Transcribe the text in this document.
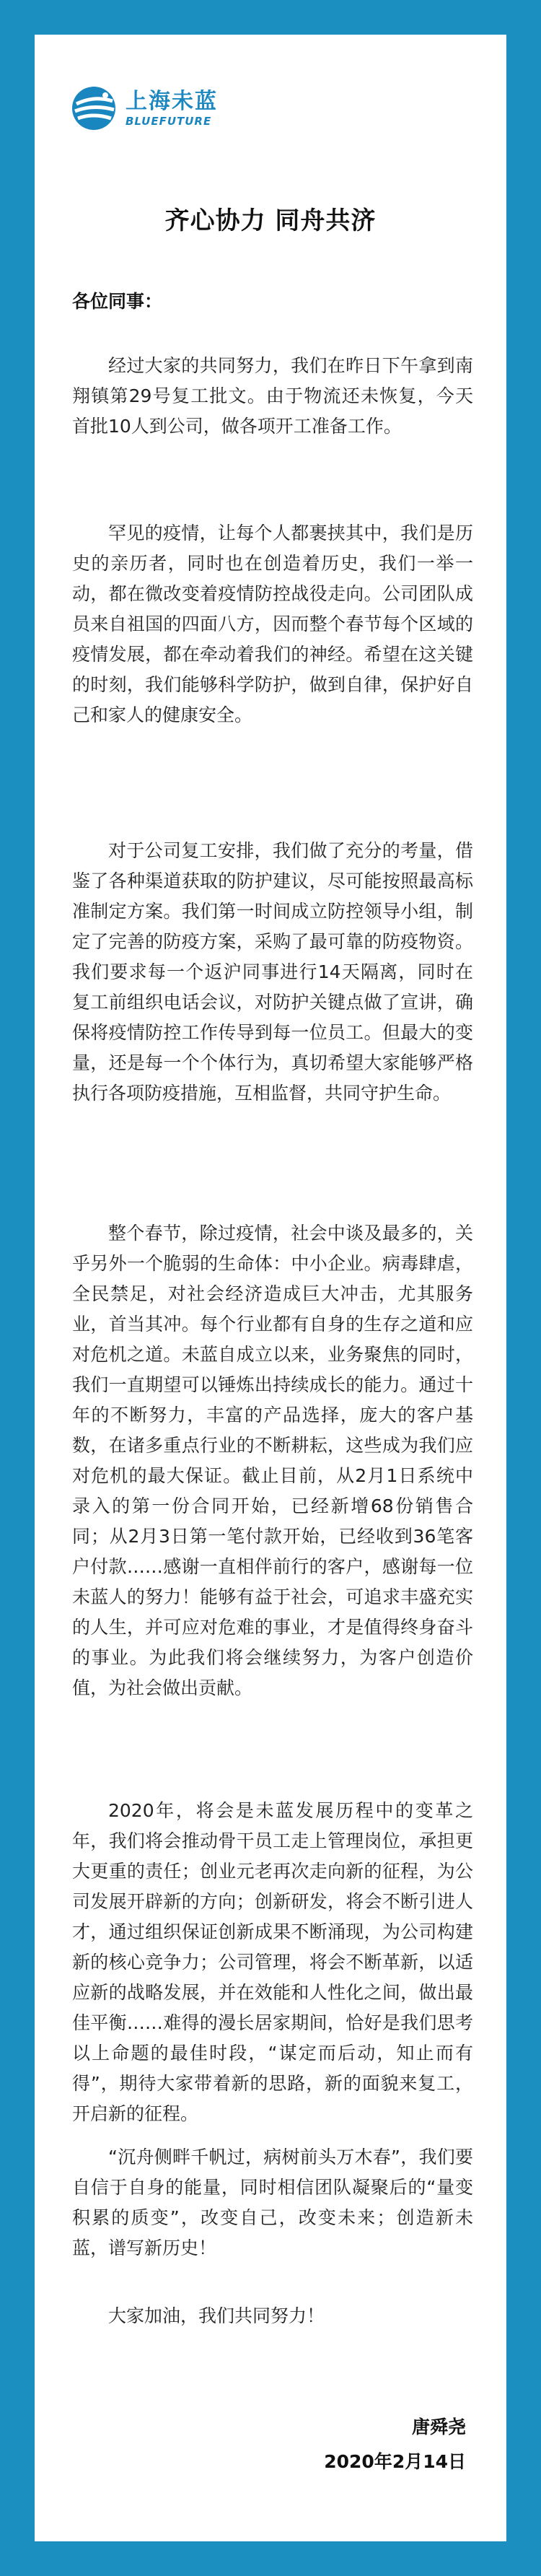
上海未蓝
BLUEFUTURE
齐心协力 同舟共济
各位同事：

经过大家的共同努力，我们在昨日下午拿到南翔镇第29号复工批文。由于物流还未恢复，今天首批10人到公司，做各项开工准备工作。

罕见的疫情，让每个人都裹挟其中，我们是历史的亲历者，同时也在创造着历史，我们一举一动，都在微改变着疫情防控战役走向。公司团队成员来自祖国的四面八方，因而整个春节每个区域的疫情发展，都在牵动着我们的神经。希望在这关键的时刻，我们能够科学防护，做到自律，保护好自己和家人的健康安全。

对于公司复工安排，我们做了充分的考量，借鉴了各种渠道获取的防护建议，尽可能按照最高标准制定方案。我们第一时间成立防控领导小组，制定了完善的防疫方案，采购了最可靠的防疫物资。我们要求每一个返沪同事进行14天隔离，同时在复工前组织电话会议，对防护关键点做了宣讲，确保将疫情防控工作传导到每一位员工。但最大的变量，还是每一个个体行为，真切希望大家能够严格执行各项防疫措施，互相监督，共同守护生命。

整个春节，除过疫情，社会中谈及最多的，关乎另外一个脆弱的生命体：中小企业。病毒肆虐，全民禁足，对社会经济造成巨大冲击，尤其服务业，首当其冲。每个行业都有自身的生存之道和应对危机之道。未蓝自成立以来，业务聚焦的同时，我们一直期望可以锤炼出持续成长的能力。通过十年的不断努力，丰富的产品选择，庞大的客户基数，在诸多重点行业的不断耕耘，这些成为我们应对危机的最大保证。截止目前，从2月1日系统中录入的第一份合同开始，已经新增68份销售合同；从2月3日第一笔付款开始，已经收到36笔客户付款……感谢一直相伴前行的客户，感谢每一位未蓝人的努力！能够有益于社会，可追求丰盛充实的人生，并可应对危难的事业，才是值得终身奋斗的事业。为此我们将会继续努力，为客户创造价值，为社会做出贡献。

2020年，将会是未蓝发展历程中的变革之年，我们将会推动骨干员工走上管理岗位，承担更大更重的责任；创业元老再次走向新的征程，为公司发展开辟新的方向；创新研发，将会不断引进人才，通过组织保证创新成果不断涌现，为公司构建新的核心竞争力；公司管理，将会不断革新，以适应新的战略发展，并在效能和人性化之间，做出最佳平衡……难得的漫长居家期间，恰好是我们思考以上命题的最佳时段，“谋定而后动，知止而有得”，期待大家带着新的思路，新的面貌来复工，开启新的征程。

“沉舟侧畔千帆过，病树前头万木春”，我们要自信于自身的能量，同时相信团队凝聚后的“量变积累的质变”，改变自己，改变未来；创造新未蓝，谱写新历史！

大家加油，我们共同努力！

唐舜尧
2020年2月14日
